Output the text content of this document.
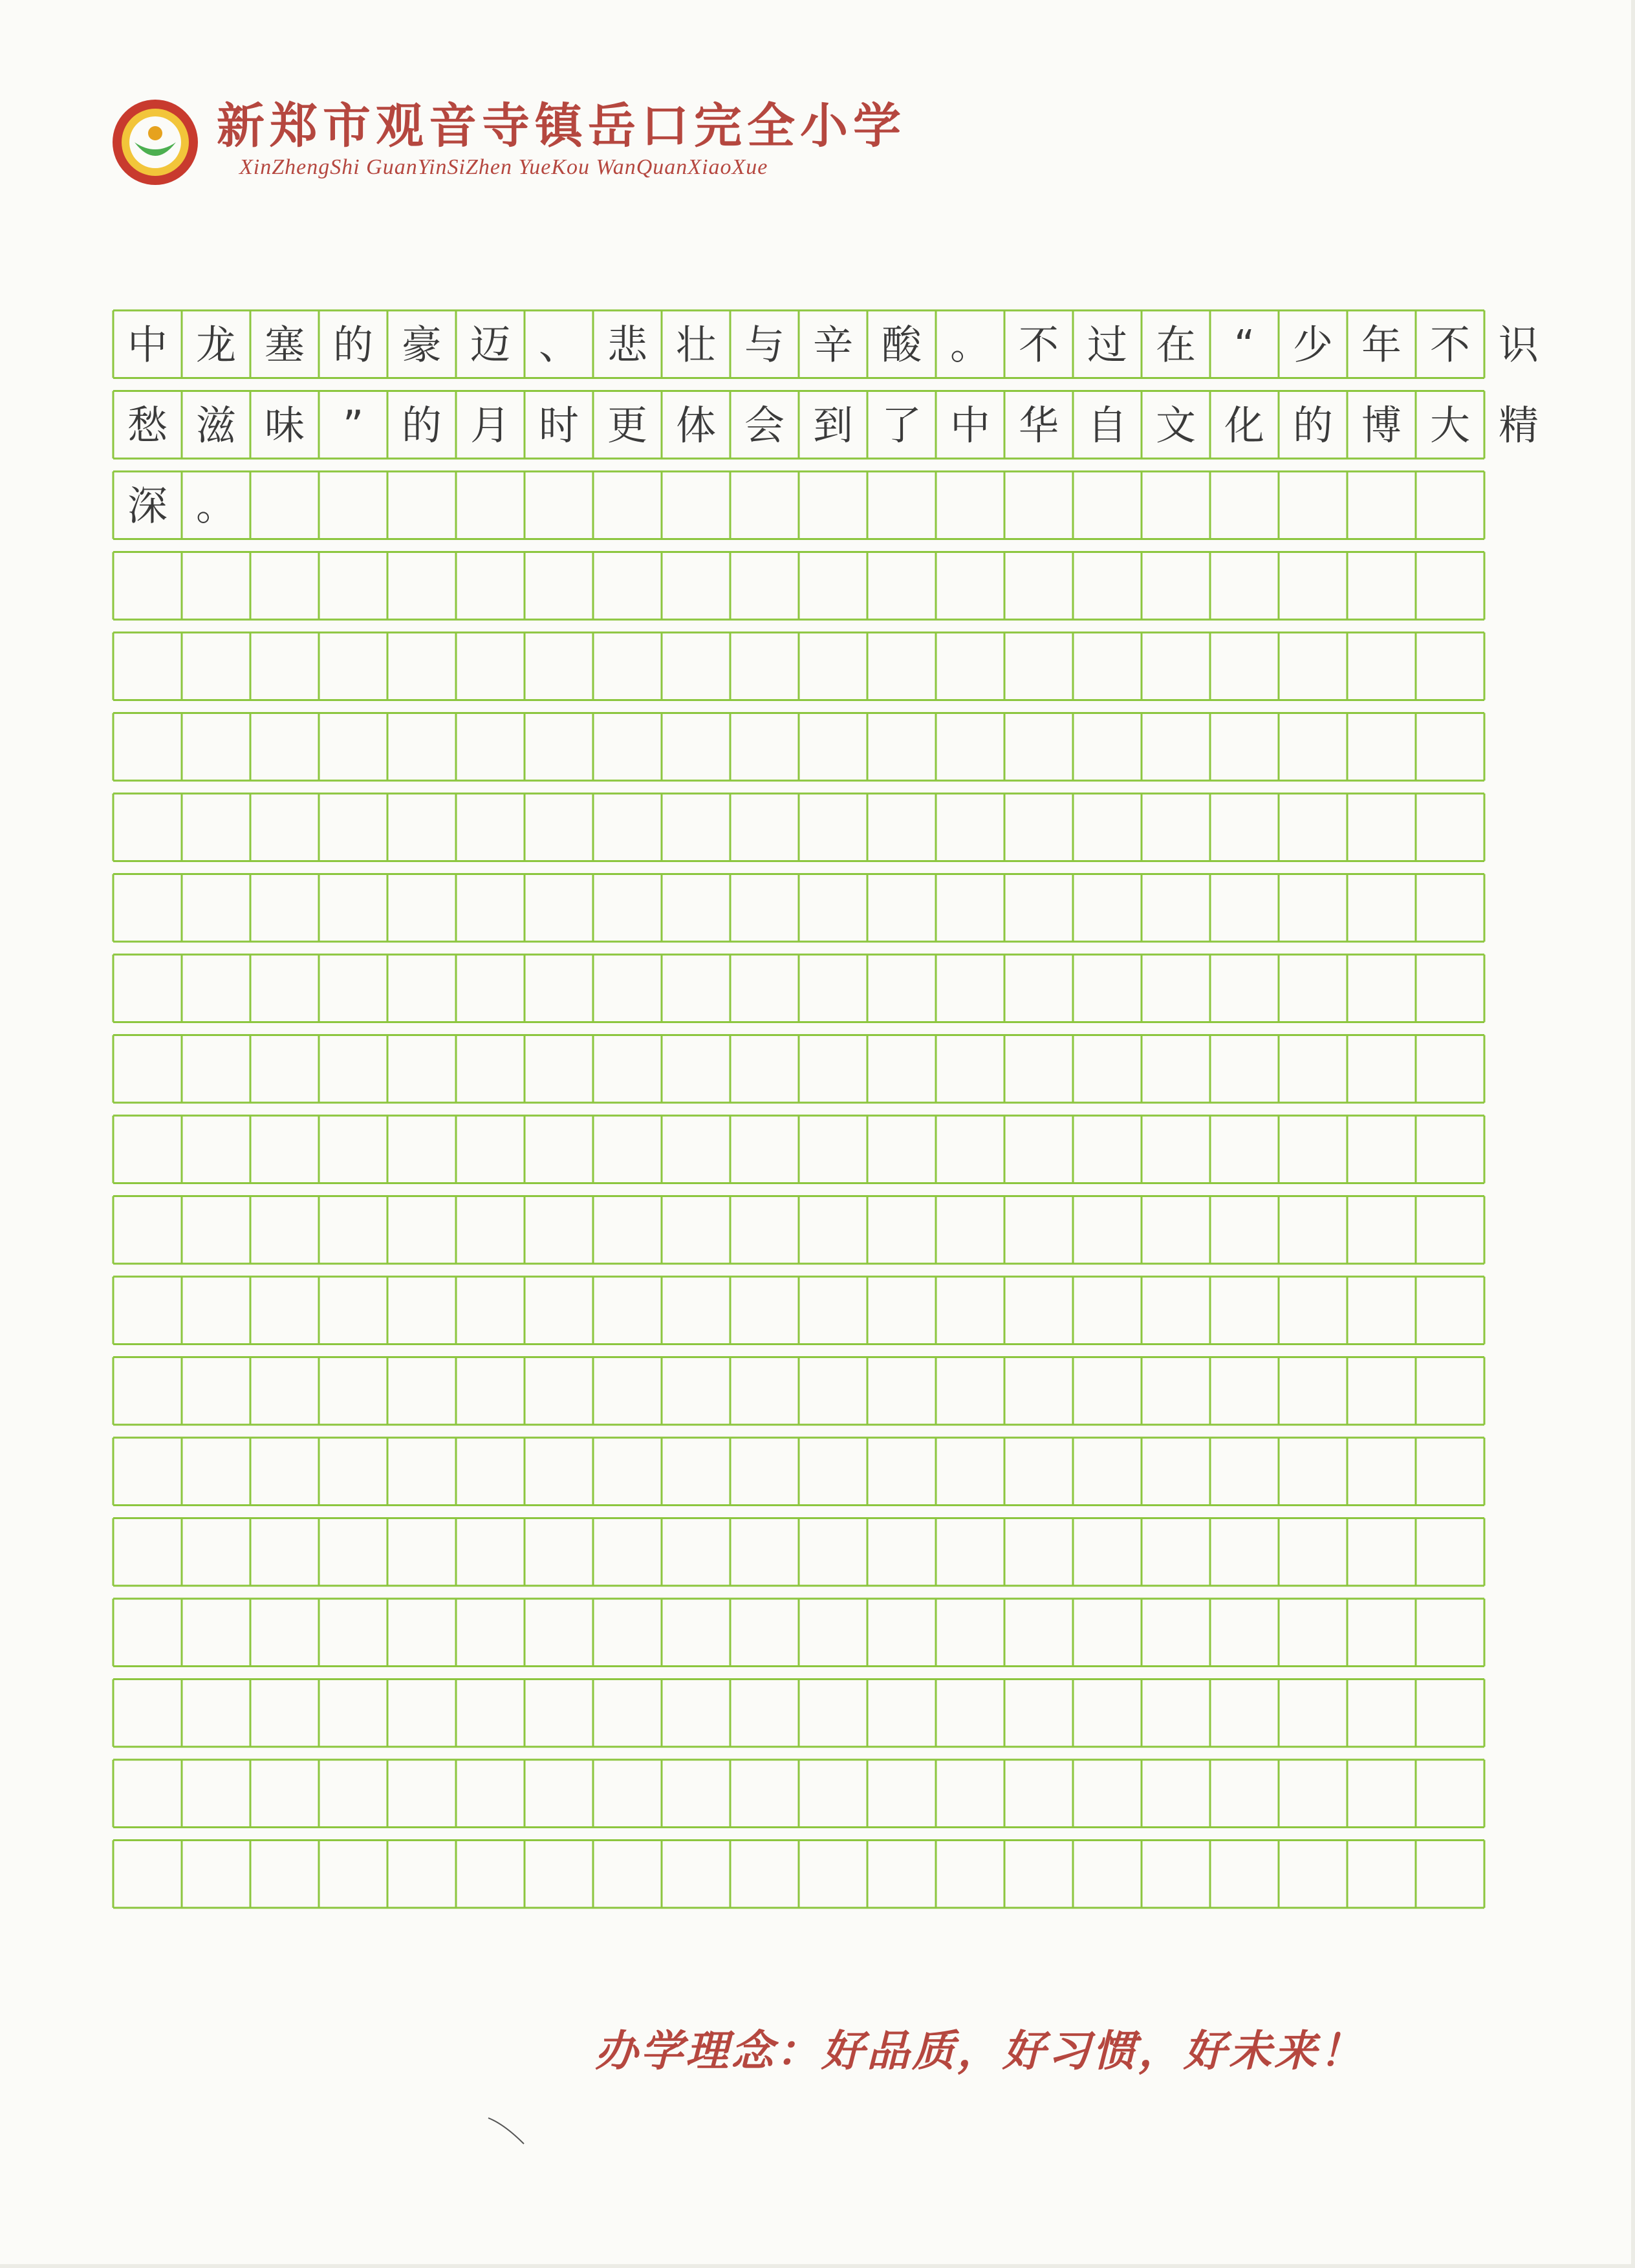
新郑市观音寺镇岳口完全小学
XinZhengShi GuanYinSiZhen YueKou WanQuanXiaoXue
中 龙 塞 的 豪 迈 、 悲 壮 与 辛 酸 。 不 过 在 “ 少 年 不 识
愁 滋 味 ” 的 月 时 更 体 会 到 了 中 华 自 文 化 的 博 大 精
深 。
办学理念：好品质，好习惯，好未来！
